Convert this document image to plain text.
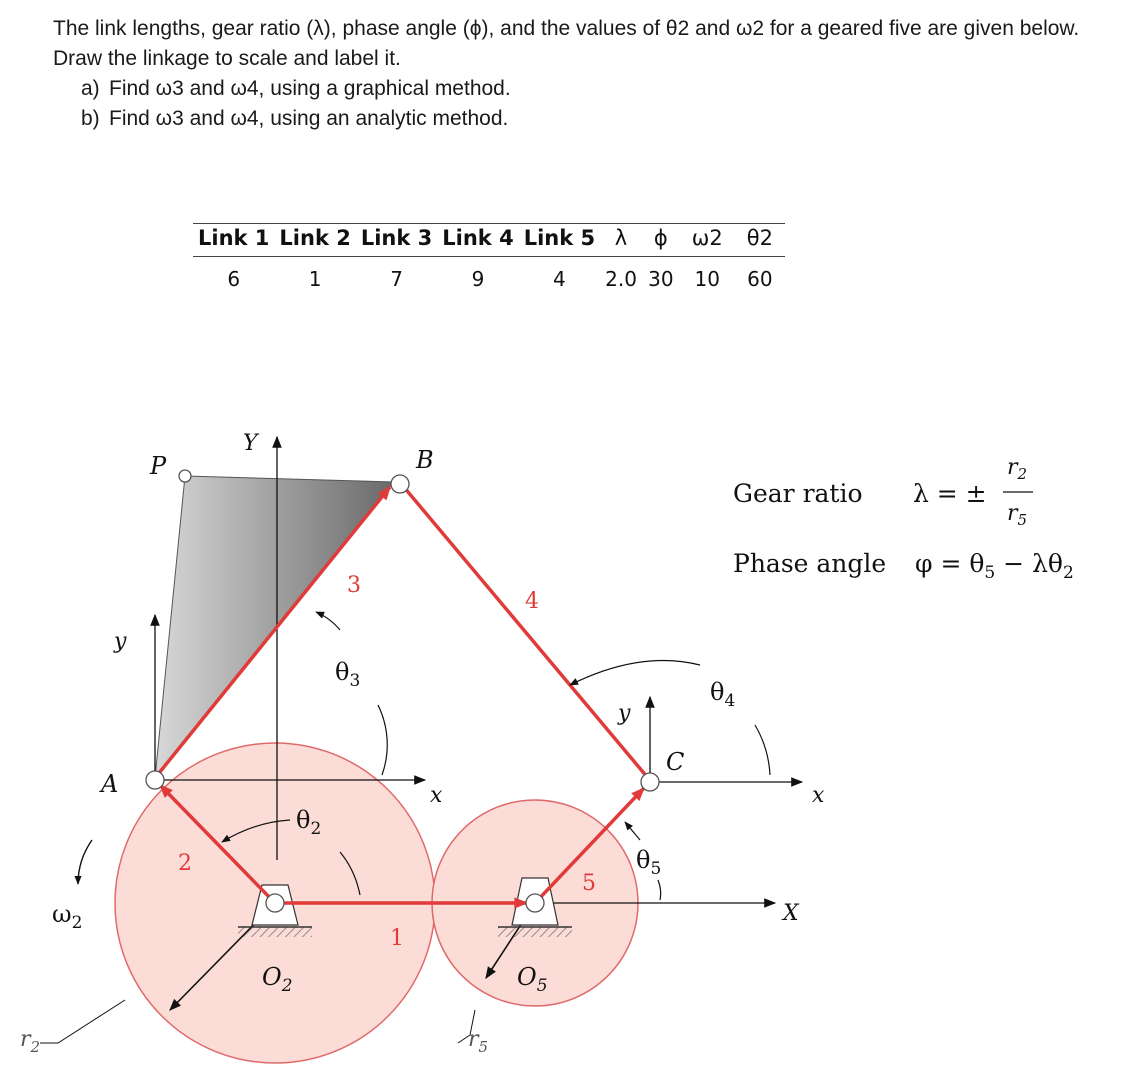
The link lengths, gear ratio (λ), phase angle (ϕ), and the values of θ2 and ω2 for a geared five are given below. Draw the linkage to scale and label it.

a) Find ω3 and ω4, using a graphical method.
b) Find ω3 and ω4, using an analytic method.
Link 1	Link 2	Link 3	Link 4	Link 5	λ	ϕ	ω2	θ2
6	1	7	9	4	2.0	30	10	60
P	B
A
C
$O_2$	$O_5$
Y
X
y
x
y
x
1
2
3
4
5
$\theta_3$	$\theta_4$
$\theta_2$
$\theta_5$
$\omega_2$
$r_2$	$r_5$
Gear ratio λ = ±
$r_2$
$r_5$
Phase angle $\varphi = \theta_5 - \lambda\theta_2$
